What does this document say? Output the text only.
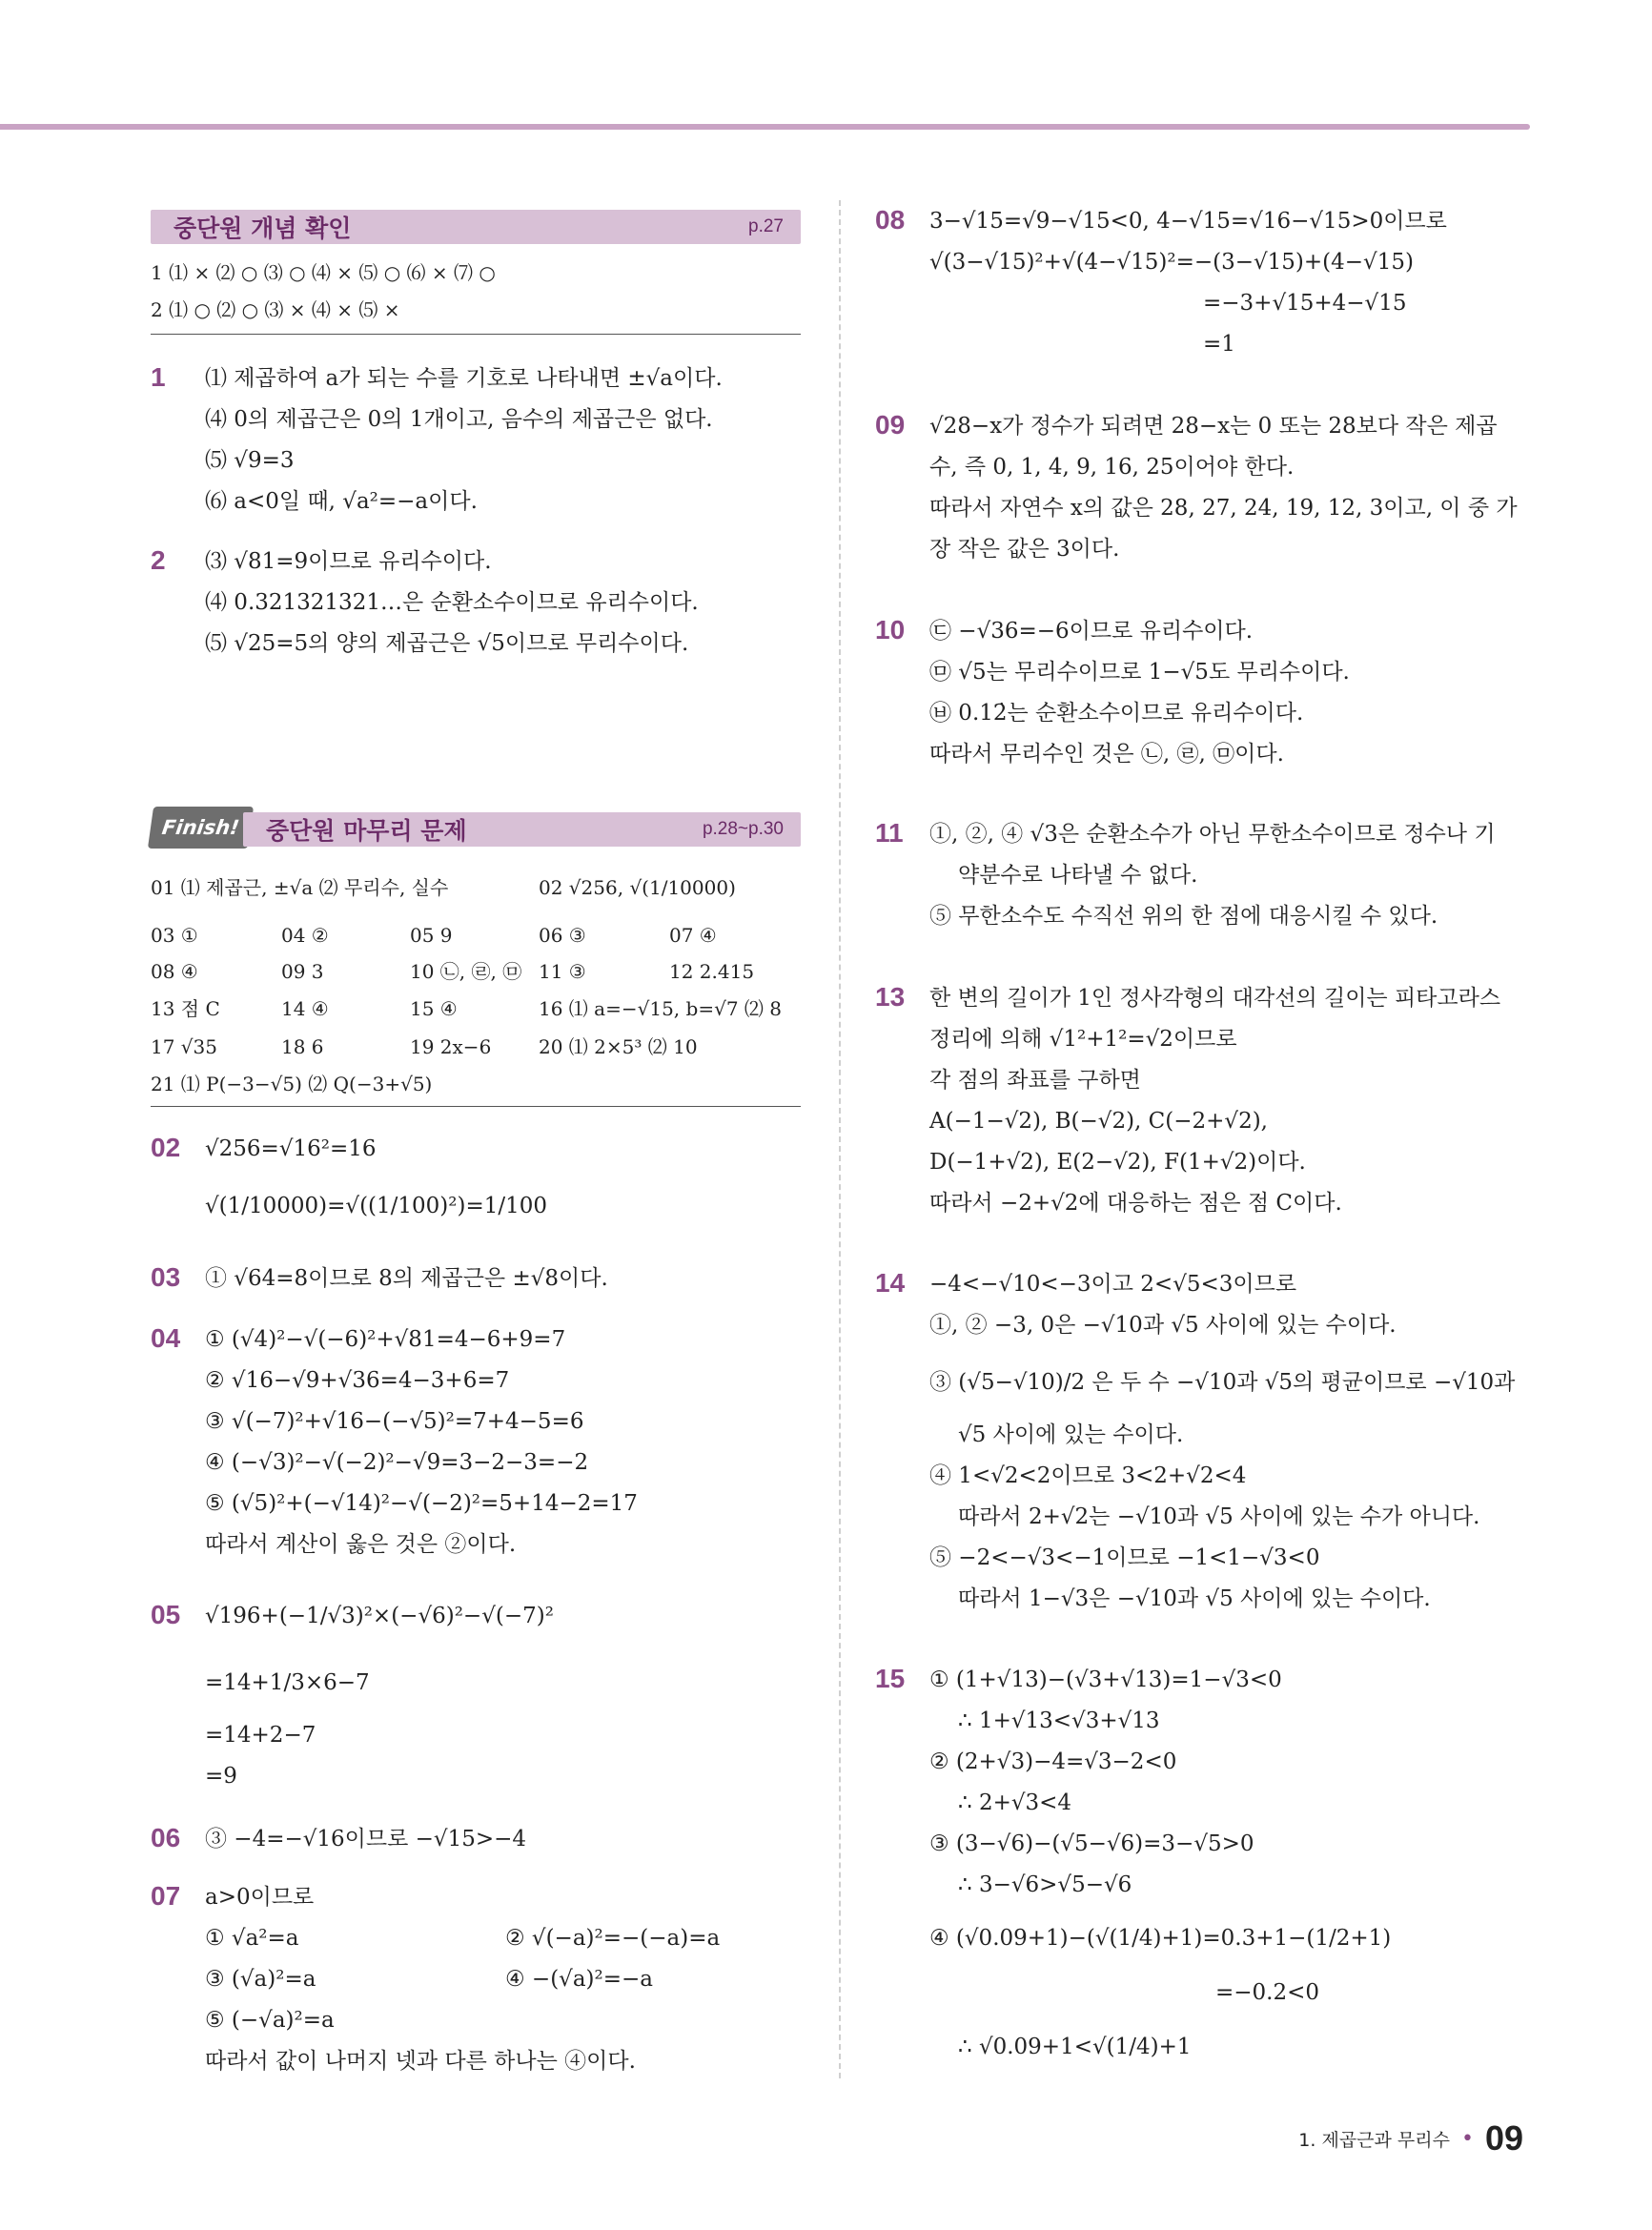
중단원 개념 확인	p.27
1 ⑴ × ⑵ ○ ⑶ ○ ⑷ × ⑸ ○ ⑹ × ⑺ ○
2 ⑴ ○ ⑵ ○ ⑶ × ⑷ × ⑸ ×
1 ⑴ 제곱하여 a가 되는 수를 기호로 나타내면 ±√a이다.
⑷ 0의 제곱근은 0의 1개이고, 음수의 제곱근은 없다.
⑸ √9=3
⑹ a<0일 때, √a²=−a이다.
2 ⑶ √81=9이므로 유리수이다.
⑷ 0.321321321…은 순환소수이므로 유리수이다.
⑸ √25=5의 양의 제곱근은 √5이므로 무리수이다.
Finish!	중단원 마무리 문제	p.28~p.30
01 ⑴ 제곱근, ±√a ⑵ 무리수, 실수	02 √256, √(1/10000)
03 ①	04 ②	05 9	06 ③	07 ④
08 ④	09 3	10 ㉡, ㉣, ㉤ 11 ③	12 2.415
13 점 C	14 ④	15 ④	16 ⑴ a=−√15, b=√7 ⑵ 8
17 √35	18 6	19 2x−6 20 ⑴ 2×5³ ⑵ 10
21 ⑴ P(−3−√5) ⑵ Q(−3+√5)
02 √256=√16²=16
√(1/10000)=√((1/100)²)=1/100
03 ① √64=8이므로 8의 제곱근은 ±√8이다.
04 ① (√4)²−√(−6)²+√81=4−6+9=7
② √16−√9+√36=4−3+6=7
③ √(−7)²+√16−(−√5)²=7+4−5=6
④ (−√3)²−√(−2)²−√9=3−2−3=−2
⑤ (√5)²+(−√14)²−√(−2)²=5+14−2=17
따라서 계산이 옳은 것은 ②이다.
05 √196+(−1/√3)²×(−√6)²−√(−7)²
=14+1/3×6−7
=14+2−7
=9
06 ③ −4=−√16이므로 −√15>−4
07 a>0이므로
① √a²=a	② √(−a)²=−(−a)=a
③ (√a)²=a	④ −(√a)²=−a
⑤ (−√a)²=a
따라서 값이 나머지 넷과 다른 하나는 ④이다.
08 3−√15=√9−√15<0, 4−√15=√16−√15>0이므로
√(3−√15)²+√(4−√15)²=−(3−√15)+(4−√15)
=−3+√15+4−√15
=1
09 √28−x가 정수가 되려면 28−x는 0 또는 28보다 작은 제곱
수, 즉 0, 1, 4, 9, 16, 25이어야 한다.
따라서 자연수 x의 값은 28, 27, 24, 19, 12, 3이고, 이 중 가
장 작은 값은 3이다.
10 ㉢ −√36=−6이므로 유리수이다.
㉤ √5는 무리수이므로 1−√5도 무리수이다.
㉥ 0.12̇는 순환소수이므로 유리수이다.
따라서 무리수인 것은 ㉡, ㉣, ㉤이다.
11 ①, ②, ④ √3은 순환소수가 아닌 무한소수이므로 정수나 기
약분수로 나타낼 수 없다.
⑤ 무한소수도 수직선 위의 한 점에 대응시킬 수 있다.
13 한 변의 길이가 1인 정사각형의 대각선의 길이는 피타고라스
정리에 의해 √1²+1²=√2이므로
각 점의 좌표를 구하면
A(−1−√2), B(−√2), C(−2+√2),
D(−1+√2), E(2−√2), F(1+√2)이다.
따라서 −2+√2에 대응하는 점은 점 C이다.
14 −4<−√10<−3이고 2<√5<3이므로
①, ② −3, 0은 −√10과 √5 사이에 있는 수이다.
③ (√5−√10)/2 은 두 수 −√10과 √5의 평균이므로 −√10과
√5 사이에 있는 수이다.
④ 1<√2<2이므로 3<2+√2<4
따라서 2+√2는 −√10과 √5 사이에 있는 수가 아니다.
⑤ −2<−√3<−1이므로 −1<1−√3<0
따라서 1−√3은 −√10과 √5 사이에 있는 수이다.
15 ① (1+√13)−(√3+√13)=1−√3<0
∴ 1+√13<√3+√13
② (2+√3)−4=√3−2<0
∴ 2+√3<4
③ (3−√6)−(√5−√6)=3−√5>0
∴ 3−√6>√5−√6
④ (√0.09+1)−(√(1/4)+1)=0.3+1−(1/2+1)
=−0.2<0
∴ √0.09+1<√(1/4)+1
1. 제곱근과 무리수 • 09
